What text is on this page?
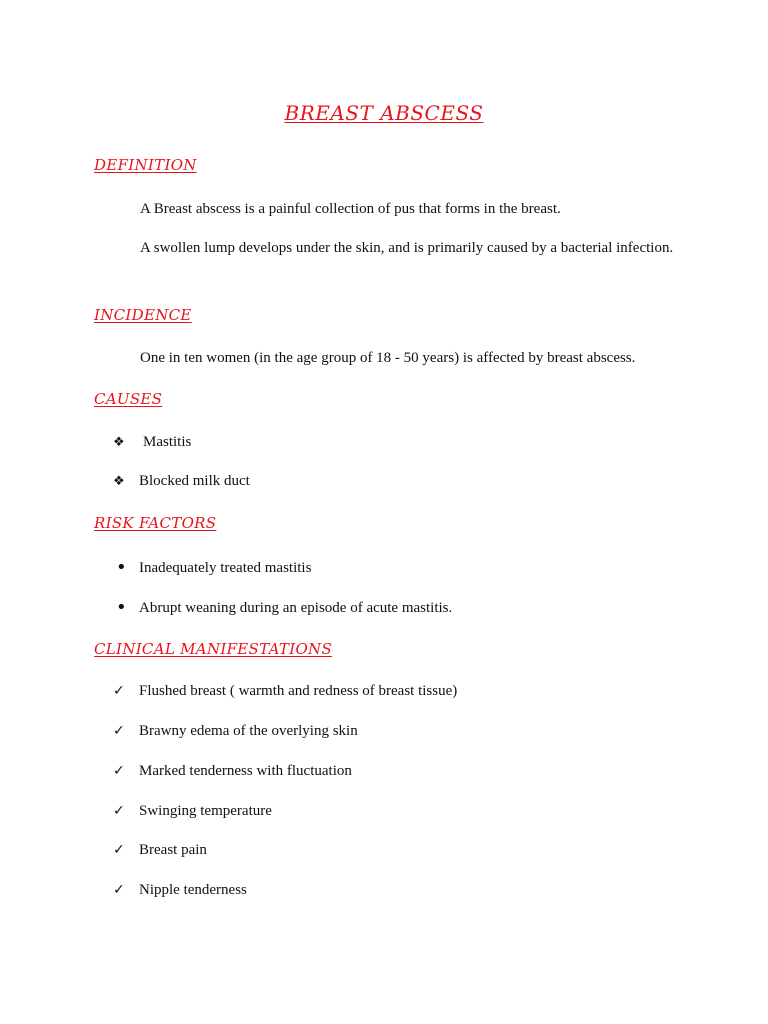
BREAST ABSCESS
DEFINITION
A Breast abscess is a painful collection of pus that forms in the breast.
A swollen lump develops under the skin, and is primarily caused by a bacterial infection.
INCIDENCE
One in ten women (in the age group of 18 - 50 years) is affected by breast abscess.
CAUSES
❖ Mastitis
❖ Blocked milk duct
RISK FACTORS
• Inadequately treated mastitis
• Abrupt weaning during an episode of acute mastitis.
CLINICAL MANIFESTATIONS
✓ Flushed breast ( warmth and redness of breast tissue)
✓ Brawny edema of the overlying skin
✓ Marked tenderness with fluctuation
✓ Swinging temperature
✓ Breast pain
✓ Nipple tenderness
